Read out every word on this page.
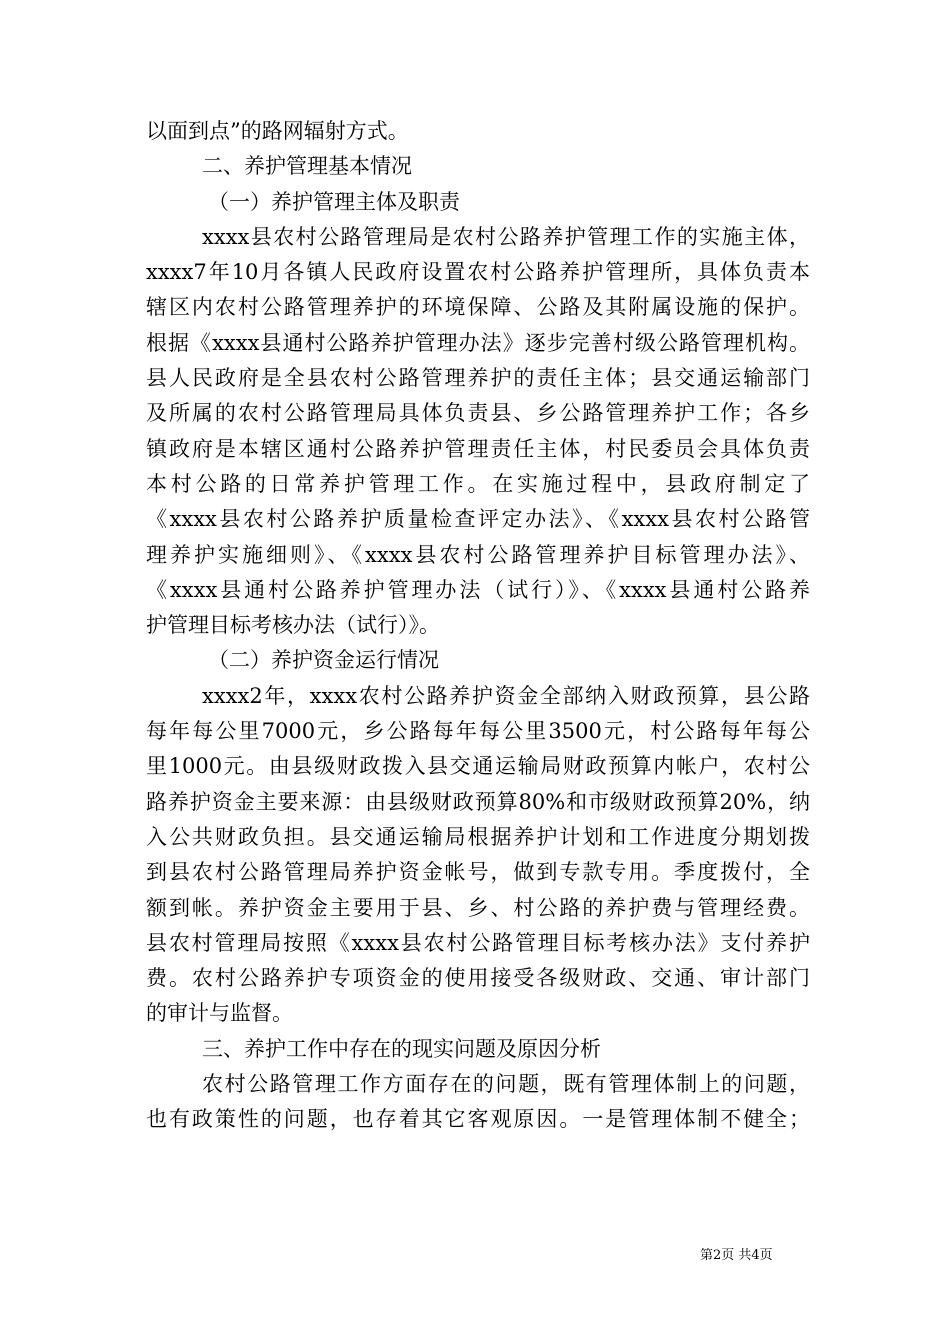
以面到点”的路网辐射方式。
二、养护管理基本情况
（一）养护管理主体及职责
xxxx县农村公路管理局是农村公路养护管理工作的实施主体，
xxxx7年10月各镇人民政府设置农村公路养护管理所，具体负责本
辖区内农村公路管理养护的环境保障、公路及其附属设施的保护。
根据《xxxx县通村公路养护管理办法》逐步完善村级公路管理机构。
县人民政府是全县农村公路管理养护的责任主体；县交通运输部门
及所属的农村公路管理局具体负责县、乡公路管理养护工作；各乡
镇政府是本辖区通村公路养护管理责任主体，村民委员会具体负责
本村公路的日常养护管理工作。在实施过程中，县政府制定了
《xxxx县农村公路养护质量检查评定办法》、《xxxx县农村公路管
理养护实施细则》、《xxxx县农村公路管理养护目标管理办法》、
《xxxx县通村公路养护管理办法（试行）》、《xxxx县通村公路养
护管理目标考核办法（试行）》。
（二）养护资金运行情况
xxxx2年，xxxx农村公路养护资金全部纳入财政预算，县公路
每年每公里7000元，乡公路每年每公里3500元，村公路每年每公
里1000元。由县级财政拨入县交通运输局财政预算内帐户，农村公
路养护资金主要来源：由县级财政预算80%和市级财政预算20%，纳
入公共财政负担。县交通运输局根据养护计划和工作进度分期划拨
到县农村公路管理局养护资金帐号，做到专款专用。季度拨付，全
额到帐。养护资金主要用于县、乡、村公路的养护费与管理经费。
县农村管理局按照《xxxx县农村公路管理目标考核办法》支付养护
费。农村公路养护专项资金的使用接受各级财政、交通、审计部门
的审计与监督。
三、养护工作中存在的现实问题及原因分析
农村公路管理工作方面存在的问题，既有管理体制上的问题，
也有政策性的问题，也存着其它客观原因。一是管理体制不健全；
第2页 共4页
